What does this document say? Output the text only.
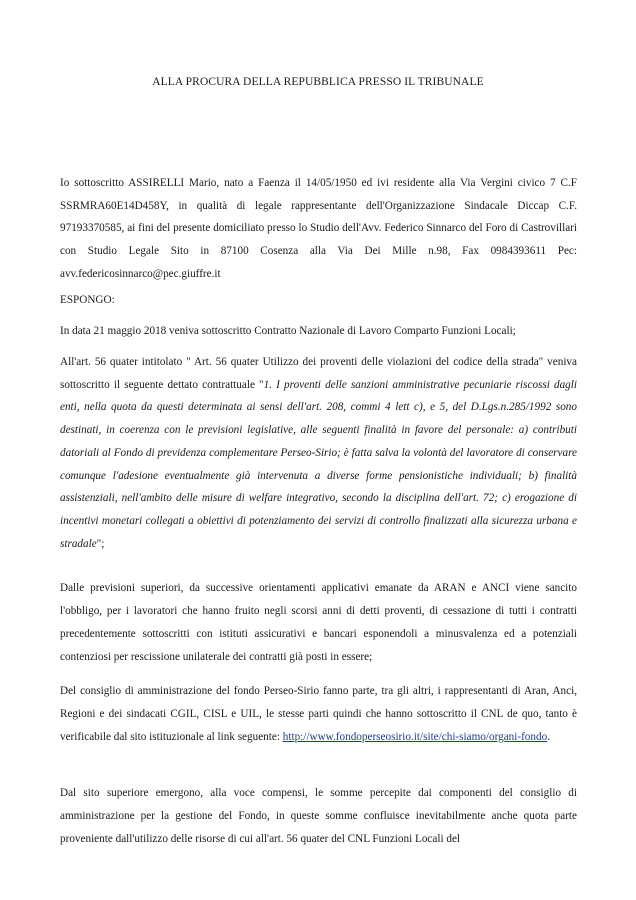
ALLA PROCURA DELLA REPUBBLICA PRESSO IL TRIBUNALE

Io sottoscritto ASSIRELLI Mario, nato a Faenza il 14/05/1950 ed ivi residente alla Via Vergini civico 7 C.F SSRMRA60E14D458Y, in qualità di legale rappresentante dell'Organizzazione Sindacale Diccap C.F. 97193370585, ai fini del presente domiciliato presso lo Studio dell'Avv. Federico Sinnarco del Foro di Castrovillari con Studio Legale Sito in 87100 Cosenza alla Via Dei Mille n.98, Fax 0984393611 Pec: avv.federicosinnarco@pec.giuffre.it

ESPONGO:

In data 21 maggio 2018 veniva sottoscritto Contratto Nazionale di Lavoro Comparto Funzioni Locali;

All'art. 56 quater intitolato " Art. 56 quater Utilizzo dei proventi delle violazioni del codice della strada" veniva sottoscritto il seguente dettato contrattuale "1. I proventi delle sanzioni amministrative pecuniarie riscossi dagli enti, nella quota da questi determinata ai sensi dell'art. 208, commi 4 lett c), e 5, del D.Lgs.n.285/1992 sono destinati, in coerenza con le previsioni legislative, alle seguenti finalità in favore del personale: a) contributi datoriali al Fondo di previdenza complementare Perseo-Sirio; è fatta salva la volontà del lavoratore di conservare comunque l'adesione eventualmente già intervenuta a diverse forme pensionistiche individuali; b) finalità assistenziali, nell'ambito delle misure di welfare integrativo, secondo la disciplina dell'art. 72; c) erogazione di incentivi monetari collegati a obiettivi di potenziamento dei servizi di controllo finalizzati alla sicurezza urbana e stradale";

Dalle previsioni superiori, da successive orientamenti applicativi emanate da ARAN e ANCI viene sancito l'obbligo, per i lavoratori che hanno fruito negli scorsi anni di detti proventi, di cessazione di tutti i contratti precedentemente sottoscritti con istituti assicurativi e bancari esponendoli a minusvalenza ed a potenziali contenziosi per rescissione unilaterale dei contratti già posti in essere;

Del consiglio di amministrazione del fondo Perseo-Sirio fanno parte, tra gli altri, i rappresentanti di Aran, Anci, Regioni e dei sindacati CGIL, CISL e UIL, le stesse parti quindi che hanno sottoscritto il CNL de quo, tanto è verificabile dal sito istituzionale al link seguente: http://www.fondoperseosirio.it/site/chi-siamo/organi-fondo.

Dal sito superiore emergono, alla voce compensi, le somme percepite dai componenti del consiglio di amministrazione per la gestione del Fondo, in queste somme confluisce inevitabilmente anche quota parte proveniente dall'utilizzo delle risorse di cui all'art. 56 quater del CNL Funzioni Locali del
